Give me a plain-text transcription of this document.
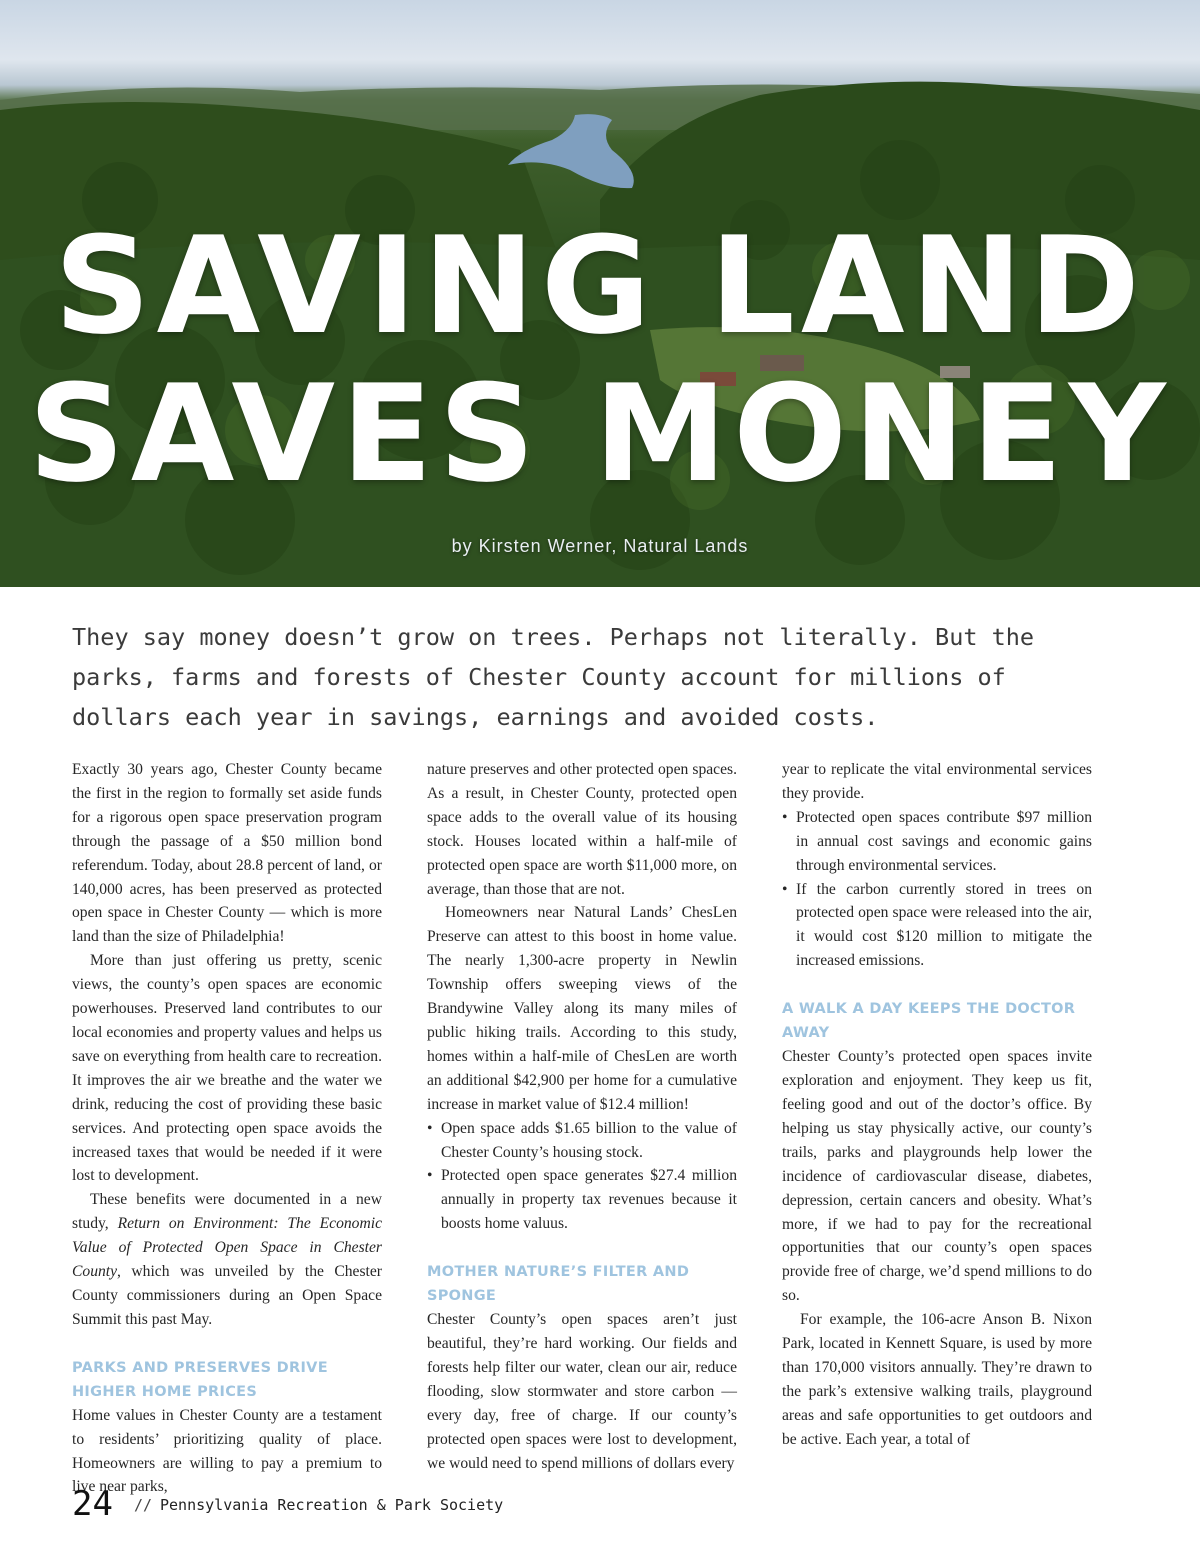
SAVING LAND
SAVES MONEY
by Kirsten Werner, Natural Lands
They say money doesn’t grow on trees. Perhaps not literally. But the parks, farms and forests of Chester County account for millions of dollars each year in savings, earnings and avoided costs.

Exactly 30 years ago, Chester County became the first in the region to formally set aside funds for a rigorous open space preservation program through the passage of a $50 million bond referendum. Today, about 28.8 percent of land, or 140,000 acres, has been preserved as protected open space in Chester County — which is more land than the size of Philadelphia!

More than just offering us pretty, scenic views, the county’s open spaces are economic powerhouses. Preserved land contributes to our local economies and property values and helps us save on everything from health care to recreation. It improves the air we breathe and the water we drink, reducing the cost of providing these basic services. And protecting open space avoids the increased taxes that would be needed if it were lost to development.

These benefits were documented in a new study, Return on Environment: The Economic Value of Protected Open Space in Chester County, which was unveiled by the Chester County commissioners during an Open Space Summit this past May.

PARKS AND PRESERVES DRIVE HIGHER HOME PRICES

Home values in Chester County are a testament to residents’ prioritizing quality of place. Homeowners are willing to pay a premium to live near parks,

nature preserves and other protected open spaces. As a result, in Chester County, protected open space adds to the overall value of its housing stock. Houses located within a half-mile of protected open space are worth $11,000 more, on average, than those that are not.

Homeowners near Natural Lands’ ChesLen Preserve can attest to this boost in home value. The nearly 1,300-acre property in Newlin Township offers sweeping views of the Brandywine Valley along its many miles of public hiking trails. According to this study, homes within a half-mile of ChesLen are worth an additional $42,900 per home for a cumulative increase in market value of $12.4 million!

• Open space adds $1.65 billion to the value of Chester County’s housing stock.
• Protected open space generates $27.4 million annually in property tax revenues because it boosts home valuus.
MOTHER NATURE’S FILTER AND SPONGE

Chester County’s open spaces aren’t just beautiful, they’re hard working. Our fields and forests help filter our water, clean our air, reduce flooding, slow stormwater and store carbon — every day, free of charge. If our county’s protected open spaces were lost to development, we would need to spend millions of dollars every

year to replicate the vital environmental services they provide.

• Protected open spaces contribute $97 million in annual cost savings and economic gains through environmental services.
• If the carbon currently stored in trees on protected open space were released into the air, it would cost $120 million to mitigate the increased emissions.
A WALK A DAY KEEPS THE DOCTOR AWAY

Chester County’s protected open spaces invite exploration and enjoyment. They keep us fit, feeling good and out of the doctor’s office. By helping us stay physically active, our county’s trails, parks and playgrounds help lower the incidence of cardiovascular disease, diabetes, depression, certain cancers and obesity. What’s more, if we had to pay for the recreational opportunities that our county’s open spaces provide free of charge, we’d spend millions to do so.

For example, the 106-acre Anson B. Nixon Park, located in Kennett Square, is used by more than 170,000 visitors annually. They’re drawn to the park’s extensive walking trails, playground areas and safe opportunities to get outdoors and be active. Each year, a total of

24 // Pennsylvania Recreation & Park Society
